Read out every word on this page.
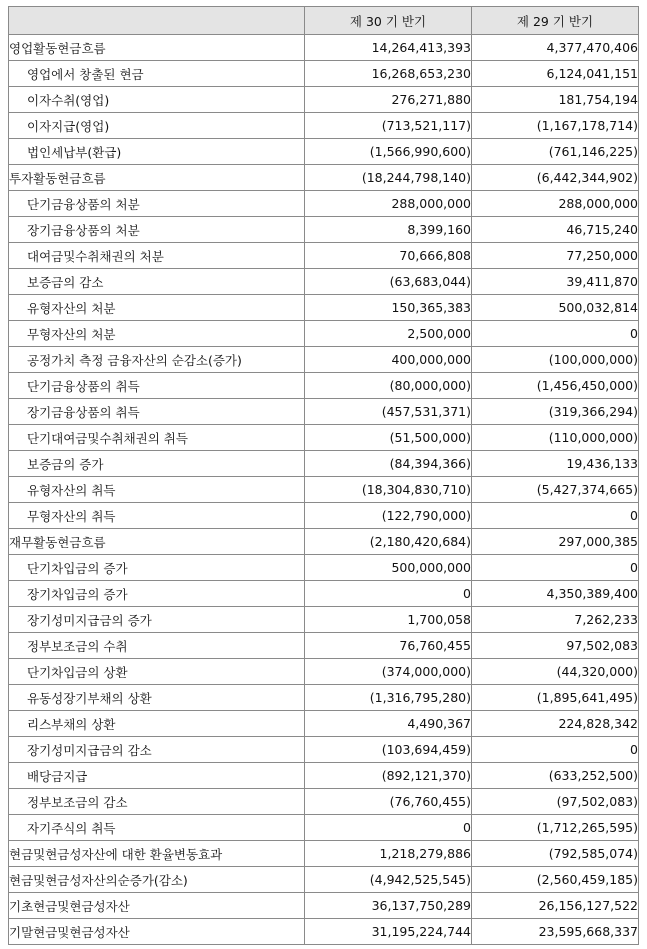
	제 30 기 반기	제 29 기 반기
영업활동현금흐름	14,264,413,393	4,377,470,406
영업에서 창출된 현금	16,268,653,230	6,124,041,151
이자수취(영업)	276,271,880	181,754,194
이자지급(영업)	(713,521,117)	(1,167,178,714)
법인세납부(환급)	(1,566,990,600)	(761,146,225)
투자활동현금흐름	(18,244,798,140)	(6,442,344,902)
단기금융상품의 처분	288,000,000	288,000,000
장기금융상품의 처분	8,399,160	46,715,240
대여금및수취채권의 처분	70,666,808	77,250,000
보증금의 감소	(63,683,044)	39,411,870
유형자산의 처분	150,365,383	500,032,814
무형자산의 처분	2,500,000	0
공정가치 측정 금융자산의 순감소(증가)	400,000,000	(100,000,000)
단기금융상품의 취득	(80,000,000)	(1,456,450,000)
장기금융상품의 취득	(457,531,371)	(319,366,294)
단기대여금및수취채권의 취득	(51,500,000)	(110,000,000)
보증금의 증가	(84,394,366)	19,436,133
유형자산의 취득	(18,304,830,710)	(5,427,374,665)
무형자산의 취득	(122,790,000)	0
재무활동현금흐름	(2,180,420,684)	297,000,385
단기차입금의 증가	500,000,000	0
장기차입금의 증가	0	4,350,389,400
장기성미지급금의 증가	1,700,058	7,262,233
정부보조금의 수취	76,760,455	97,502,083
단기차입금의 상환	(374,000,000)	(44,320,000)
유동성장기부채의 상환	(1,316,795,280)	(1,895,641,495)
리스부채의 상환	4,490,367	224,828,342
장기성미지급금의 감소	(103,694,459)	0
배당금지급	(892,121,370)	(633,252,500)
정부보조금의 감소	(76,760,455)	(97,502,083)
자기주식의 취득	0	(1,712,265,595)
현금및현금성자산에 대한 환율변동효과	1,218,279,886	(792,585,074)
현금및현금성자산의순증가(감소)	(4,942,525,545)	(2,560,459,185)
기초현금및현금성자산	36,137,750,289	26,156,127,522
기말현금및현금성자산	31,195,224,744	23,595,668,337
